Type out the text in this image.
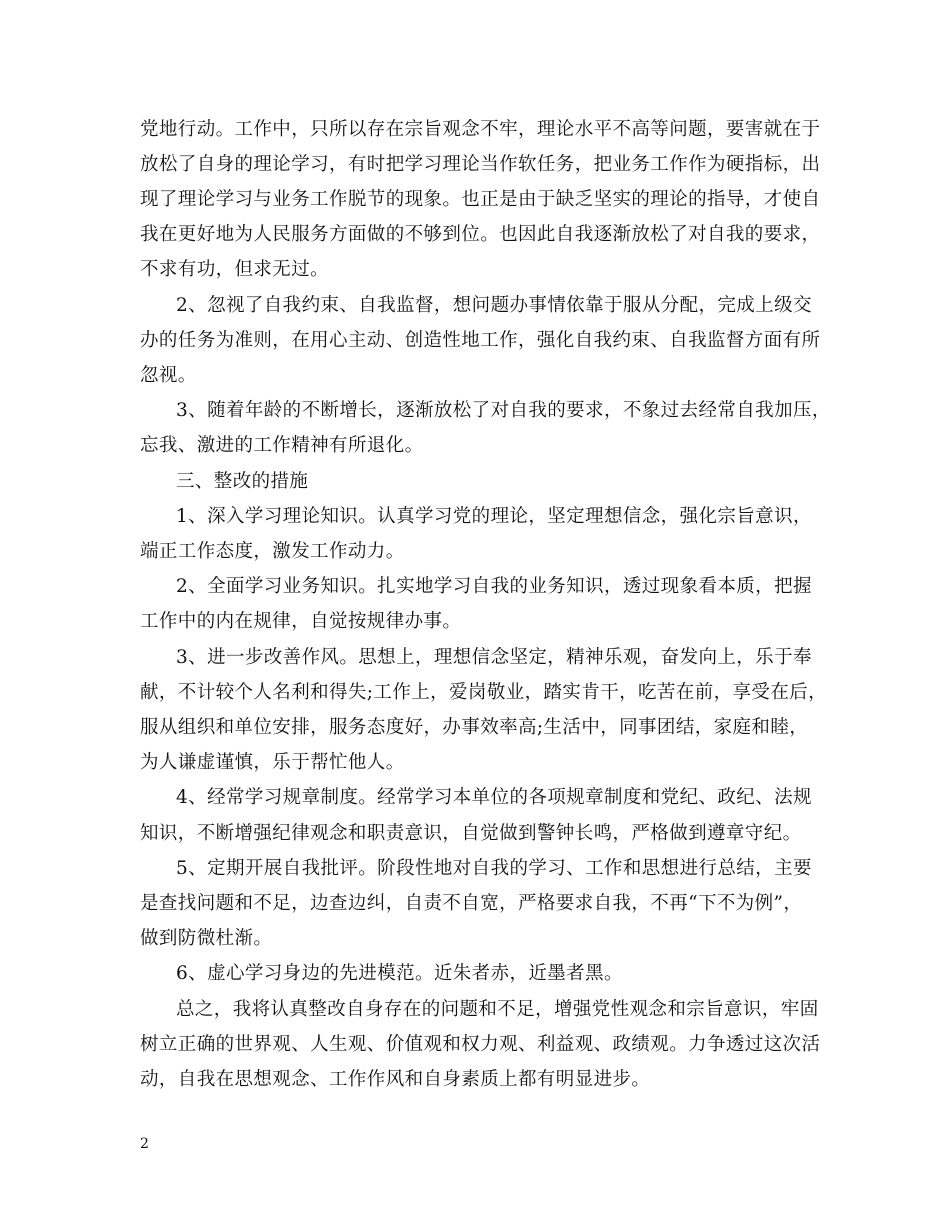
党地行动。工作中，只所以存在宗旨观念不牢，理论水平不高等问题，要害就在于
放松了自身的理论学习，有时把学习理论当作软任务，把业务工作作为硬指标，出
现了理论学习与业务工作脱节的现象。也正是由于缺乏坚实的理论的指导，才使自
我在更好地为人民服务方面做的不够到位。也因此自我逐渐放松了对自我的要求，
不求有功，但求无过。
2、忽视了自我约束、自我监督，想问题办事情依靠于服从分配，完成上级交
办的任务为准则，在用心主动、创造性地工作，强化自我约束、自我监督方面有所
忽视。
3、随着年龄的不断增长，逐渐放松了对自我的要求，不象过去经常自我加压，
忘我、激进的工作精神有所退化。
三、整改的措施
1、深入学习理论知识。认真学习党的理论，坚定理想信念，强化宗旨意识，
端正工作态度，激发工作动力。
2、全面学习业务知识。扎实地学习自我的业务知识，透过现象看本质，把握
工作中的内在规律，自觉按规律办事。
3、进一步改善作风。思想上，理想信念坚定，精神乐观，奋发向上，乐于奉
献，不计较个人名利和得失;工作上，爱岗敬业，踏实肯干，吃苦在前，享受在后，
服从组织和单位安排，服务态度好，办事效率高;生活中，同事团结，家庭和睦，
为人谦虚谨慎，乐于帮忙他人。
4、经常学习规章制度。经常学习本单位的各项规章制度和党纪、政纪、法规
知识，不断增强纪律观念和职责意识，自觉做到警钟长鸣，严格做到遵章守纪。
5、定期开展自我批评。阶段性地对自我的学习、工作和思想进行总结，主要
是查找问题和不足，边查边纠，自责不自宽，严格要求自我，不再“下不为例”，
做到防微杜渐。
6、虚心学习身边的先进模范。近朱者赤，近墨者黑。
总之，我将认真整改自身存在的问题和不足，增强党性观念和宗旨意识，牢固
树立正确的世界观、人生观、价值观和权力观、利益观、政绩观。力争透过这次活
动，自我在思想观念、工作作风和自身素质上都有明显进步。
2
